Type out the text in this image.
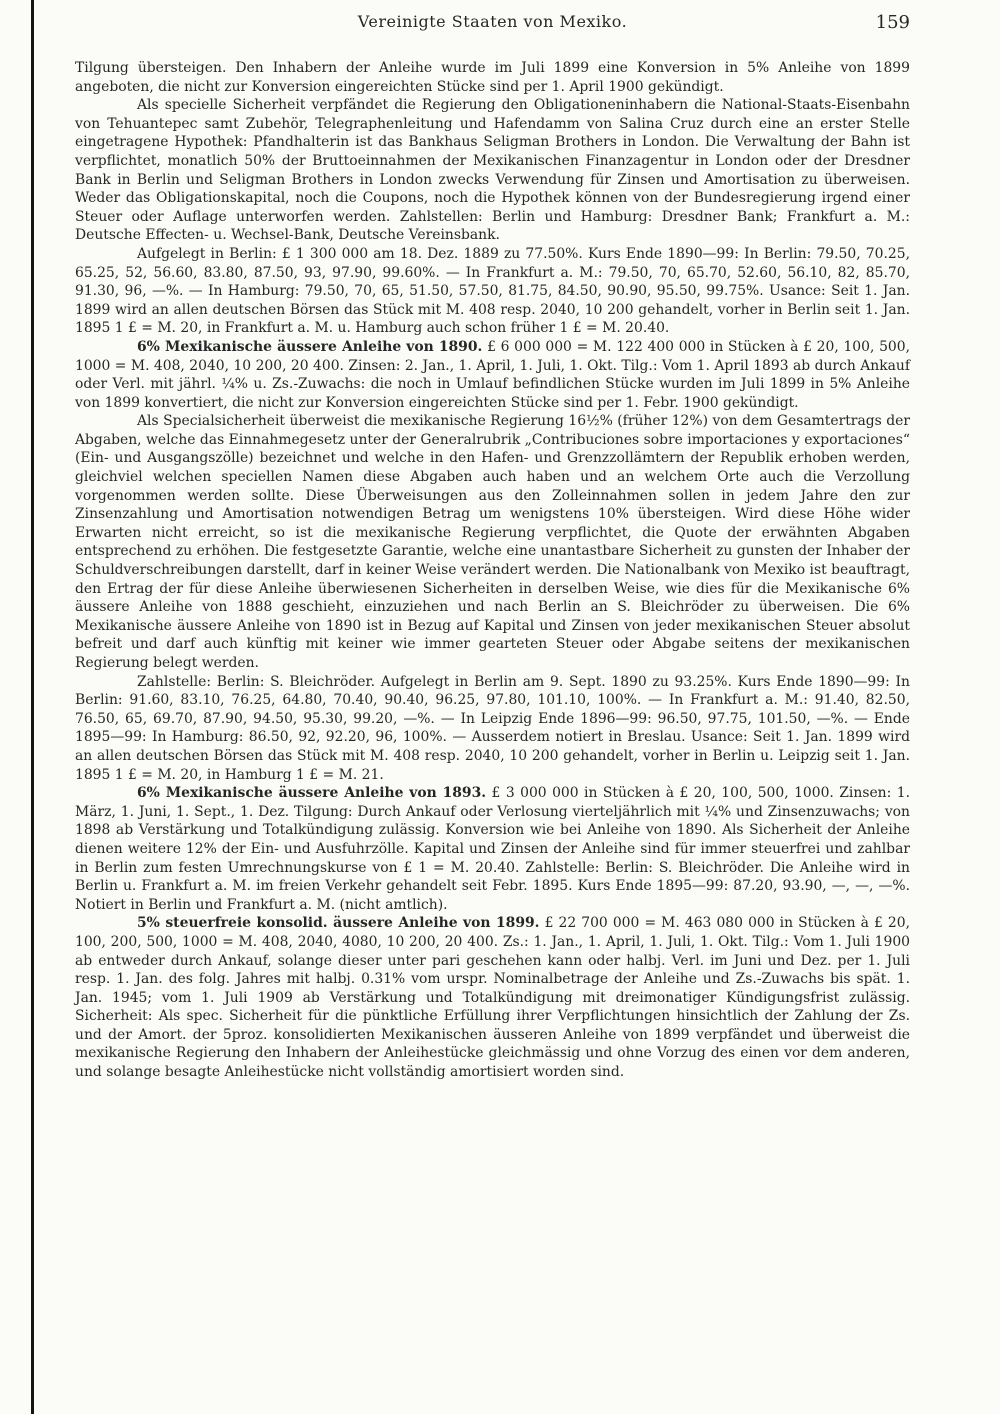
Vereinigte Staaten von Mexiko.	159

Tilgung übersteigen. Den Inhabern der Anleihe wurde im Juli 1899 eine Konversion in 5% Anleihe von 1899 angeboten, die nicht zur Konversion eingereichten Stücke sind per 1. April 1900 gekündigt.

Als specielle Sicherheit verpfändet die Regierung den Obligationeninhabern die National-Staats-Eisenbahn von Tehuantepec samt Zubehör, Telegraphenleitung und Hafendamm von Salina Cruz durch eine an erster Stelle eingetragene Hypothek: Pfandhalterin ist das Bankhaus Seligman Brothers in London. Die Verwaltung der Bahn ist verpflichtet, monatlich 50% der Bruttoeinnahmen der Mexikanischen Finanzagentur in London oder der Dresdner Bank in Berlin und Seligman Brothers in London zwecks Verwendung für Zinsen und Amortisation zu überweisen. Weder das Obligationskapital, noch die Coupons, noch die Hypothek können von der Bundesregierung irgend einer Steuer oder Auflage unterworfen werden. Zahlstellen: Berlin und Hamburg: Dresdner Bank; Frankfurt a. M.: Deutsche Effecten- u. Wechsel-Bank, Deutsche Vereinsbank.

Aufgelegt in Berlin: £ 1 300 000 am 18. Dez. 1889 zu 77.50%. Kurs Ende 1890—99: In Berlin: 79.50, 70.25, 65.25, 52, 56.60, 83.80, 87.50, 93, 97.90, 99.60%. — In Frankfurt a. M.: 79.50, 70, 65.70, 52.60, 56.10, 82, 85.70, 91.30, 96, —%. — In Hamburg: 79.50, 70, 65, 51.50, 57.50, 81.75, 84.50, 90.90, 95.50, 99.75%. Usance: Seit 1. Jan. 1899 wird an allen deutschen Börsen das Stück mit M. 408 resp. 2040, 10 200 gehandelt, vorher in Berlin seit 1. Jan. 1895 1 £ = M. 20, in Frankfurt a. M. u. Hamburg auch schon früher 1 £ = M. 20.40.

6% Mexikanische äussere Anleihe von 1890. £ 6 000 000 = M. 122 400 000 in Stücken à £ 20, 100, 500, 1000 = M. 408, 2040, 10 200, 20 400. Zinsen: 2. Jan., 1. April, 1. Juli, 1. Okt. Tilg.: Vom 1. April 1893 ab durch Ankauf oder Verl. mit jährl. ¼% u. Zs.-Zuwachs: die noch in Umlauf befindlichen Stücke wurden im Juli 1899 in 5% Anleihe von 1899 konvertiert, die nicht zur Konversion eingereichten Stücke sind per 1. Febr. 1900 gekündigt.

Als Specialsicherheit überweist die mexikanische Regierung 16½% (früher 12%) von dem Gesamtertrags der Abgaben, welche das Einnahmegesetz unter der Generalrubrik „Contribuciones sobre importaciones y exportaciones“ (Ein- und Ausgangszölle) bezeichnet und welche in den Hafen- und Grenzzollämtern der Republik erhoben werden, gleichviel welchen speciellen Namen diese Abgaben auch haben und an welchem Orte auch die Verzollung vorgenommen werden sollte. Diese Überweisungen aus den Zolleinnahmen sollen in jedem Jahre den zur Zinsenzahlung und Amortisation notwendigen Betrag um wenigstens 10% übersteigen. Wird diese Höhe wider Erwarten nicht erreicht, so ist die mexikanische Regierung verpflichtet, die Quote der erwähnten Abgaben entsprechend zu erhöhen. Die festgesetzte Garantie, welche eine unantastbare Sicherheit zu gunsten der Inhaber der Schuldverschreibungen darstellt, darf in keiner Weise verändert werden. Die Nationalbank von Mexiko ist beauftragt, den Ertrag der für diese Anleihe überwiesenen Sicherheiten in derselben Weise, wie dies für die Mexikanische 6% äussere Anleihe von 1888 geschieht, einzuziehen und nach Berlin an S. Bleichröder zu überweisen. Die 6% Mexikanische äussere Anleihe von 1890 ist in Bezug auf Kapital und Zinsen von jeder mexikanischen Steuer absolut befreit und darf auch künftig mit keiner wie immer gearteten Steuer oder Abgabe seitens der mexikanischen Regierung belegt werden.

Zahlstelle: Berlin: S. Bleichröder. Aufgelegt in Berlin am 9. Sept. 1890 zu 93.25%. Kurs Ende 1890—99: In Berlin: 91.60, 83.10, 76.25, 64.80, 70.40, 90.40, 96.25, 97.80, 101.10, 100%. — In Frankfurt a. M.: 91.40, 82.50, 76.50, 65, 69.70, 87.90, 94.50, 95.30, 99.20, —%. — In Leipzig Ende 1896—99: 96.50, 97.75, 101.50, —%. — Ende 1895—99: In Hamburg: 86.50, 92, 92.20, 96, 100%. — Ausserdem notiert in Breslau. Usance: Seit 1. Jan. 1899 wird an allen deutschen Börsen das Stück mit M. 408 resp. 2040, 10 200 gehandelt, vorher in Berlin u. Leipzig seit 1. Jan. 1895 1 £ = M. 20, in Hamburg 1 £ = M. 21.

6% Mexikanische äussere Anleihe von 1893. £ 3 000 000 in Stücken à £ 20, 100, 500, 1000. Zinsen: 1. März, 1. Juni, 1. Sept., 1. Dez. Tilgung: Durch Ankauf oder Verlosung vierteljährlich mit ¼% und Zinsenzuwachs; von 1898 ab Verstärkung und Totalkündigung zulässig. Konversion wie bei Anleihe von 1890. Als Sicherheit der Anleihe dienen weitere 12% der Ein- und Ausfuhrzölle. Kapital und Zinsen der Anleihe sind für immer steuerfrei und zahlbar in Berlin zum festen Umrechnungskurse von £ 1 = M. 20.40. Zahlstelle: Berlin: S. Bleichröder. Die Anleihe wird in Berlin u. Frankfurt a. M. im freien Verkehr gehandelt seit Febr. 1895. Kurs Ende 1895—99: 87.20, 93.90, —, —, —%. Notiert in Berlin und Frankfurt a. M. (nicht amtlich).

5% steuerfreie konsolid. äussere Anleihe von 1899. £ 22 700 000 = M. 463 080 000 in Stücken à £ 20, 100, 200, 500, 1000 = M. 408, 2040, 4080, 10 200, 20 400. Zs.: 1. Jan., 1. April, 1. Juli, 1. Okt. Tilg.: Vom 1. Juli 1900 ab entweder durch Ankauf, solange dieser unter pari geschehen kann oder halbj. Verl. im Juni und Dez. per 1. Juli resp. 1. Jan. des folg. Jahres mit halbj. 0.31% vom urspr. Nominalbetrage der Anleihe und Zs.-Zuwachs bis spät. 1. Jan. 1945; vom 1. Juli 1909 ab Verstärkung und Totalkündigung mit dreimonatiger Kündigungsfrist zulässig. Sicherheit: Als spec. Sicherheit für die pünktliche Erfüllung ihrer Verpflichtungen hinsichtlich der Zahlung der Zs. und der Amort. der 5proz. konsolidierten Mexikanischen äusseren Anleihe von 1899 verpfändet und überweist die mexikanische Regierung den Inhabern der Anleihestücke gleichmässig und ohne Vorzug des einen vor dem anderen, und solange besagte Anleihestücke nicht vollständig amortisiert worden sind.
